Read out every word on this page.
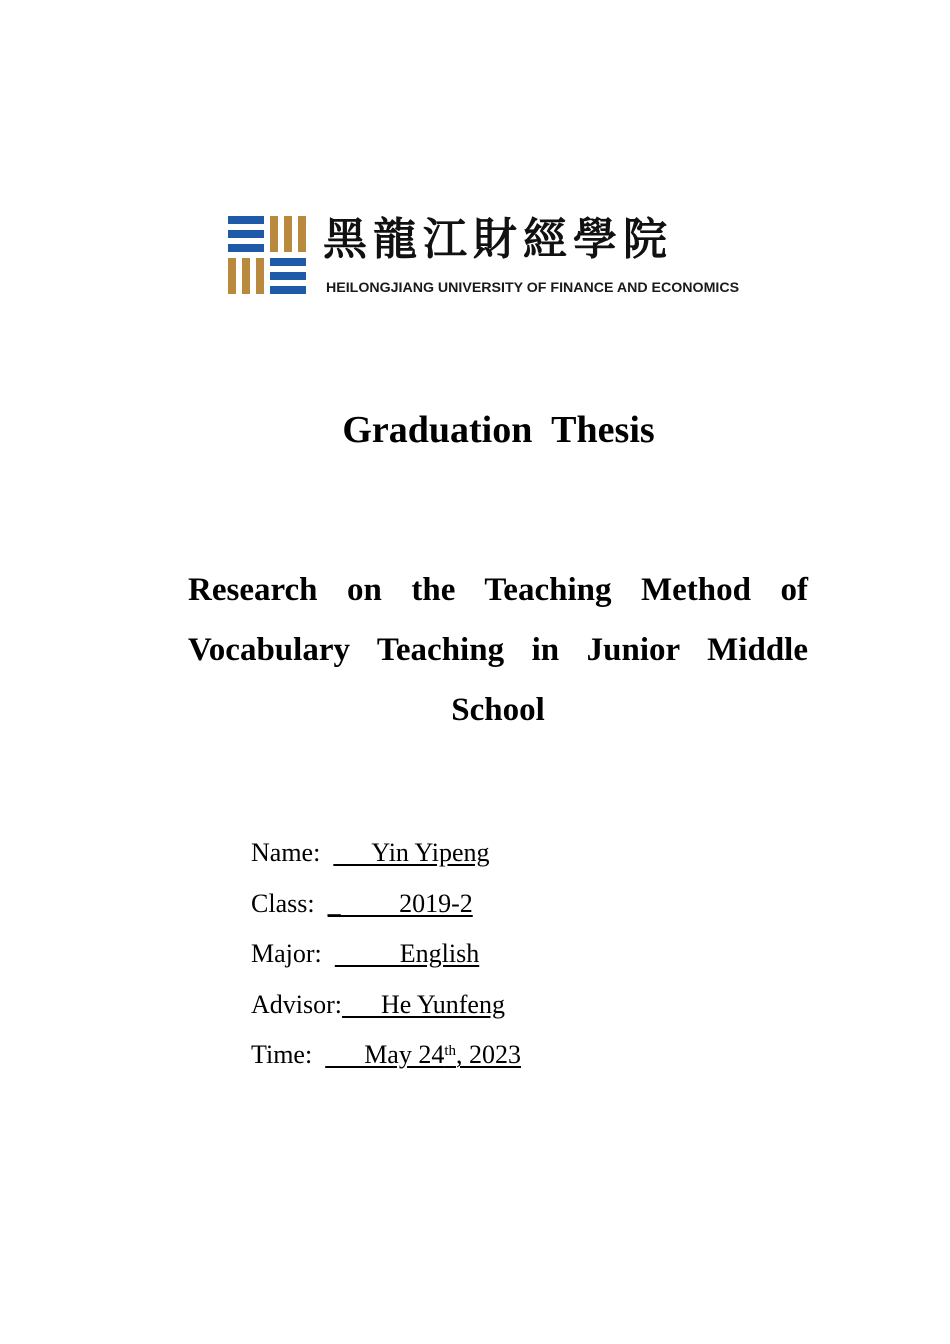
黑龍江財經學院
HEILONGJIANG UNIVERSITY OF FINANCE AND ECONOMICS
Graduation Thesis
Research on the Teaching Method of Vocabulary Teaching in Junior Middle School
Name:        Yin Yipeng
Class:  _         2019-2
Major:            English
Advisor:      He Yunfeng
Time:        May 24th, 2023
